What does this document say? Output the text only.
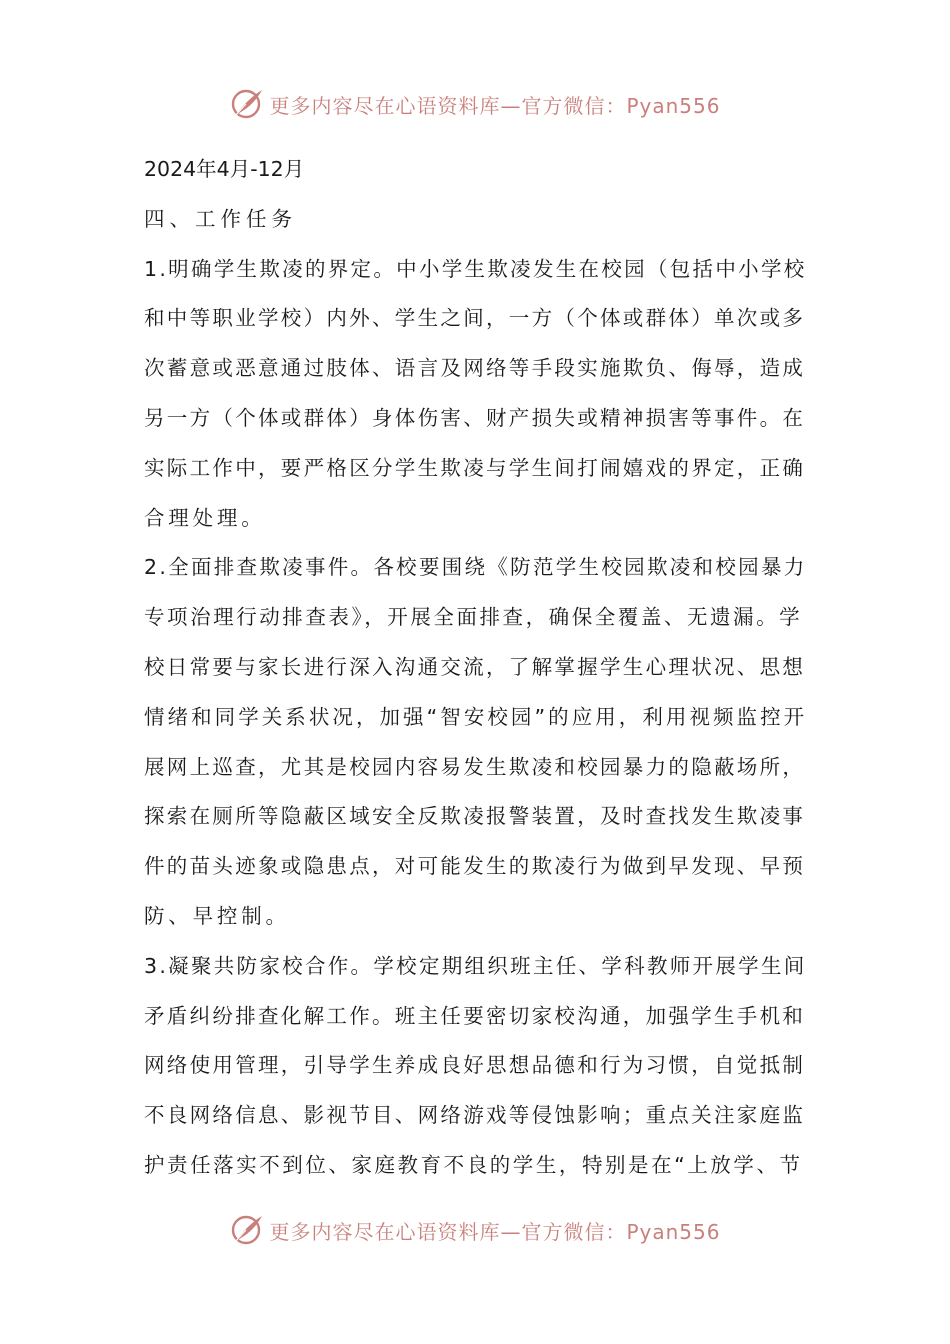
更多内容尽在心语资料库—官方微信：Pyan556
2024年4月-12月
四、工作任务
1.明确学生欺凌的界定。中小学生欺凌发生在校园（包括中小学校
和中等职业学校）内外、学生之间，一方（个体或群体）单次或多
次蓄意或恶意通过肢体、语言及网络等手段实施欺负、侮辱，造成
另一方（个体或群体）身体伤害、财产损失或精神损害等事件。在
实际工作中，要严格区分学生欺凌与学生间打闹嬉戏的界定，正确
合理处理。
2.全面排查欺凌事件。各校要围绕《防范学生校园欺凌和校园暴力
专项治理行动排查表》，开展全面排查，确保全覆盖、无遗漏。学
校日常要与家长进行深入沟通交流，了解掌握学生心理状况、思想
情绪和同学关系状况，加强“智安校园”的应用，利用视频监控开
展网上巡查，尤其是校园内容易发生欺凌和校园暴力的隐蔽场所，
探索在厕所等隐蔽区域安全反欺凌报警装置，及时查找发生欺凌事
件的苗头迹象或隐患点，对可能发生的欺凌行为做到早发现、早预
防、早控制。
3.凝聚共防家校合作。学校定期组织班主任、学科教师开展学生间
矛盾纠纷排查化解工作。班主任要密切家校沟通，加强学生手机和
网络使用管理，引导学生养成良好思想品德和行为习惯，自觉抵制
不良网络信息、影视节目、网络游戏等侵蚀影响；重点关注家庭监
护责任落实不到位、家庭教育不良的学生，特别是在“上放学、节
更多内容尽在心语资料库—官方微信：Pyan556
